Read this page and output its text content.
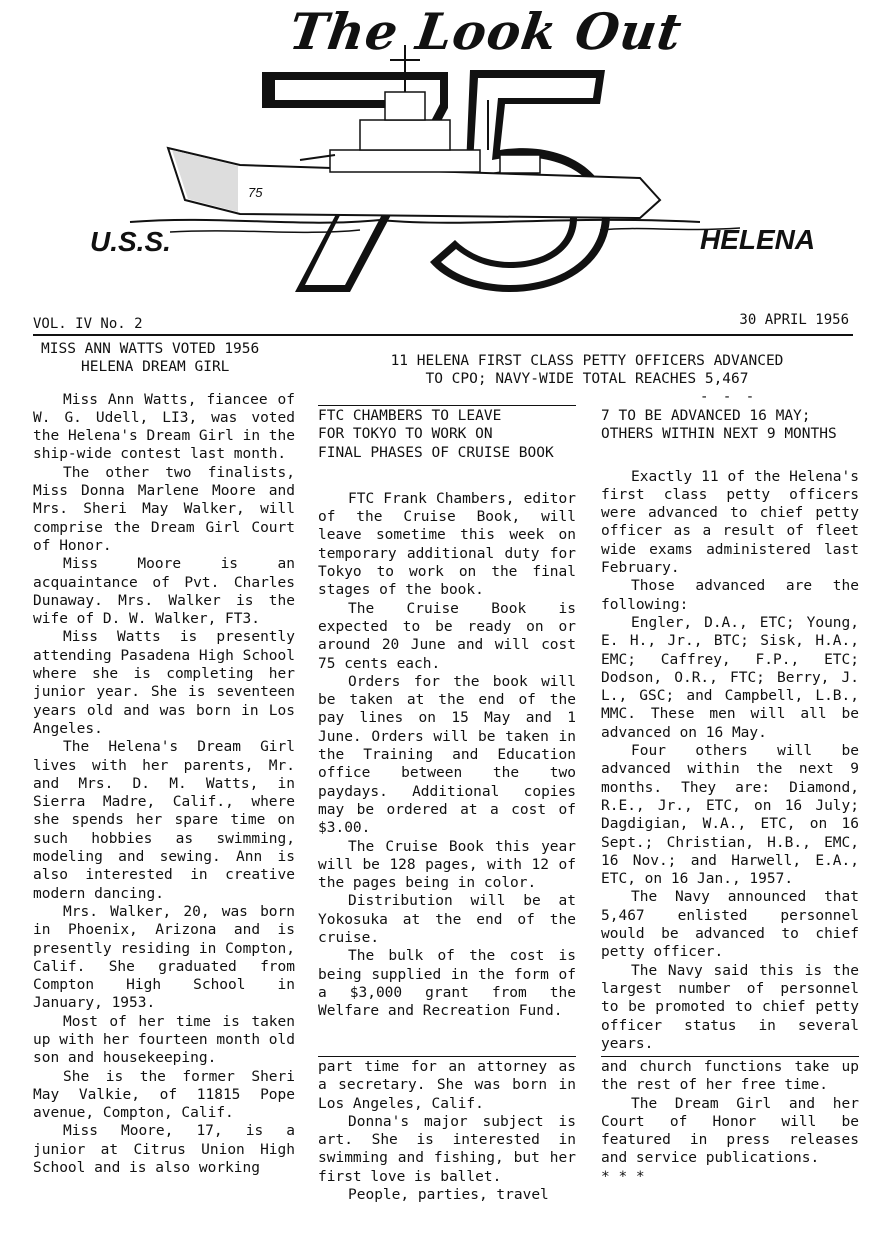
The Look Out
75
U.S.S.	HELENA
VOL. IV No. 2	30 APRIL 1956
MISS ANN WATTS VOTED 1956
HELENA DREAM GIRL

Miss Ann Watts, fiancee of W. G. Udell, LI3, was voted the Helena's Dream Girl in the ship-wide contest last month.

The other two finalists, Miss Donna Marlene Moore and Mrs. Sheri May Walker, will comprise the Dream Girl Court of Honor.

Miss Moore is an acquaintance of Pvt. Charles Dunaway. Mrs. Walker is the wife of D. W. Walker, FT3.

Miss Watts is presently attending Pasadena High School where she is completing her junior year. She is seventeen years old and was born in Los Angeles.

The Helena's Dream Girl lives with her parents, Mr. and Mrs. D. M. Watts, in Sierra Madre, Calif., where she spends her spare time on such hobbies as swimming, modeling and sewing. Ann is also interested in creative modern dancing.

Mrs. Walker, 20, was born in Phoenix, Arizona and is presently residing in Compton, Calif. She graduated from Compton High School in January, 1953.

Most of her time is taken up with her fourteen month old son and housekeeping.

She is the former Sheri May Valkie, of 11815 Pope avenue, Compton, Calif.

Miss Moore, 17, is a junior at Citrus Union High School and is also working

11 HELENA FIRST CLASS PETTY OFFICERS ADVANCED
TO CPO; NAVY-WIDE TOTAL REACHES 5,467
- - -
FTC CHAMBERS TO LEAVE
FOR TOKYO TO WORK ON
FINAL PHASES OF CRUISE BOOK

FTC Frank Chambers, editor of the Cruise Book, will leave sometime this week on temporary additional duty for Tokyo to work on the final stages of the book.

The Cruise Book is expected to be ready on or around 20 June and will cost 75 cents each.

Orders for the book will be taken at the end of the pay lines on 15 May and 1 June. Orders will be taken in the Training and Education office between the two paydays. Additional copies may be ordered at a cost of $3.00.

The Cruise Book this year will be 128 pages, with 12 of the pages being in color.

Distribution will be at Yokosuka at the end of the cruise.

The bulk of the cost is being supplied in the form of a $3,000 grant from the Welfare and Recreation Fund.

part time for an attorney as a secretary. She was born in Los Angeles, Calif.

Donna's major subject is art. She is interested in swimming and fishing, but her first love is ballet.

People, parties, travel

7 TO BE ADVANCED 16 MAY;
OTHERS WITHIN NEXT 9 MONTHS

Exactly 11 of the Helena's first class petty officers were advanced to chief petty officer as a result of fleet wide exams administered last February.

Those advanced are the following:

Engler, D.A., ETC; Young, E. H., Jr., BTC; Sisk, H.A., EMC; Caffrey, F.P., ETC; Dodson, O.R., FTC; Berry, J. L., GSC; and Campbell, L.B., MMC. These men will all be advanced on 16 May.

Four others will be advanced within the next 9 months. They are: Diamond, R.E., Jr., ETC, on 16 July; Dagdigian, W.A., ETC, on 16 Sept.; Christian, H.B., EMC, 16 Nov.; and Harwell, E.A., ETC, on 16 Jan., 1957.

The Navy announced that 5,467 enlisted personnel would be advanced to chief petty officer.

The Navy said this is the largest number of personnel to be promoted to chief petty officer status in several years.

and church functions take up the rest of her free time.

The Dream Girl and her Court of Honor will be featured in press releases and service publications.

* * *
